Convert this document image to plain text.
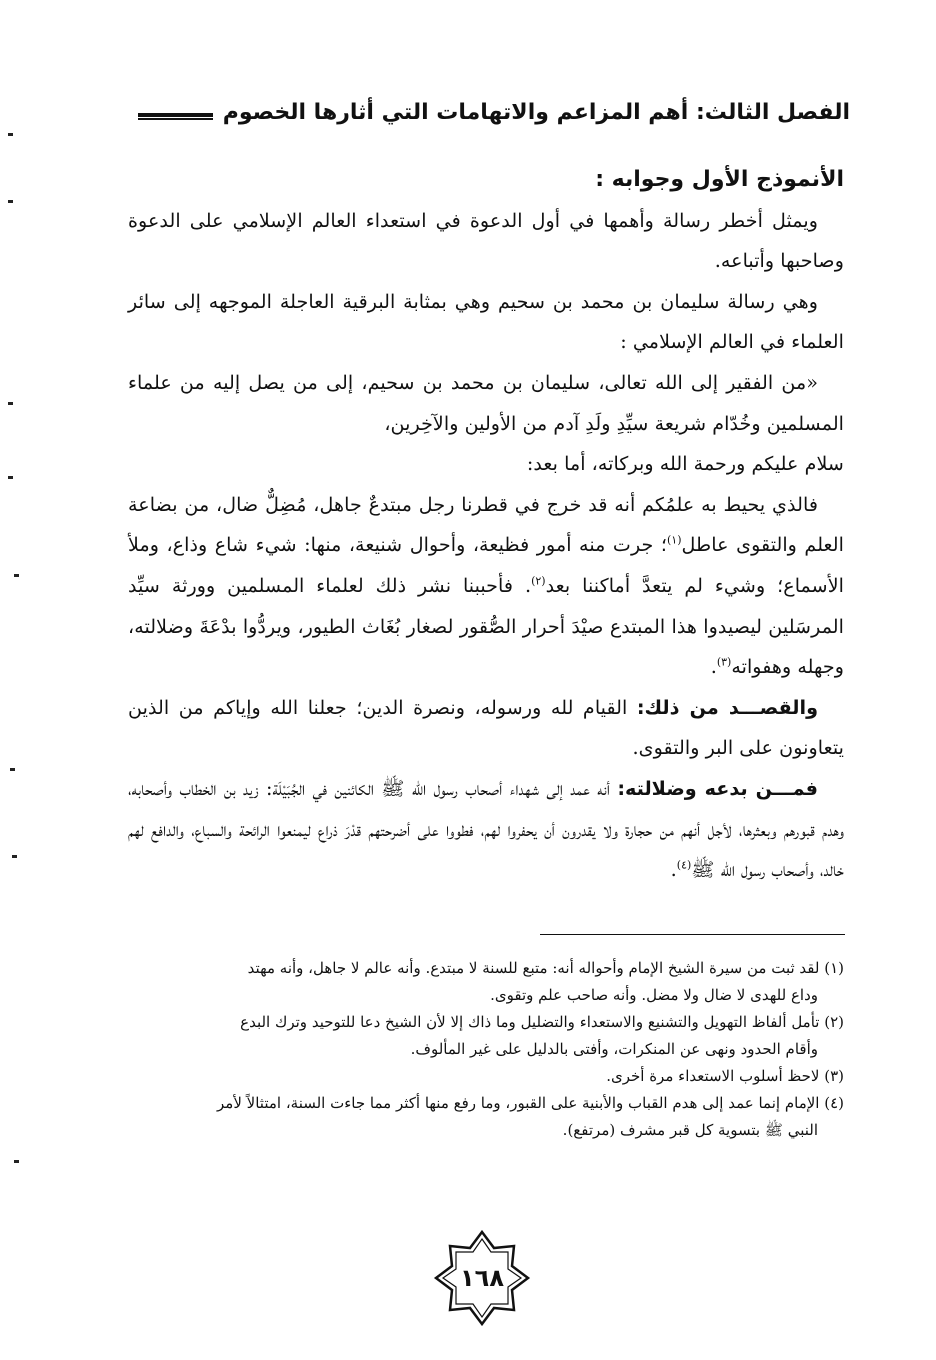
الفصل الثالث: أهم المزاعم والاتهامات التي أثارها الخصوم

الأنموذج الأول وجوابه :

ويمثل أخطر رسالة وأهمها في أول الدعوة في استعداء العالم الإسلامي على الدعوة وصاحبها وأتباعه.

وهي رسالة سليمان بن محمد بن سحيم وهي بمثابة البرقية العاجلة الموجهه إلى سائر العلماء في العالم الإسلامي :

«من الفقير إلى الله تعالى، سليمان بن محمد بن سحيم، إلى من يصل إليه من علماء المسلمين وخُدّام شريعة سيِّدِ ولَدِ آدم من الأولين والآخِرين،

سلام عليكم ورحمة الله وبركاته، أما بعد:

فالذي يحيط به علمُكم أنه قد خرج في قطرنا رجل مبتدعٌ جاهل، مُضِلٌّ ضال، من بضاعة العلم والتقوى عاطل$^{(١)}$؛ جرت منه أمور فظيعة، وأحوال شنيعة، منها: شيء شاع وذاع، وملأ الأسماع؛ وشيء لم يتعدَّ أماكننا بعد$^{(٢)}$. فأحببنا نشر ذلك لعلماء المسلمين وورثة سيِّد المرسَلين ليصيدوا هذا المبتدع صيْدَ أحرار الصُّقور لصغار بُغَاث الطيور، ويردُّوا بدْعَةَ وضلالته، وجهله وهفواته$^{(٣)}$.

والقصـــد من ذلك: القيام لله ورسوله، ونصرة الدين؛ جعلنا الله وإياكم من الذين يتعاونون على البر والتقوى.

فمـــن بدعه وضلالته: أنه عمد إلى شهداء أصحاب رسول الله ﷺ الكائنين في الجُبَيْلَة: زيد بن الخطاب وأصحابه، وهدم قبورهم وبعثرها، لأجل أنهم من حجارة ولا يقدرون أن يحفروا لهم، فطووا على أضرحتهم قدْرَ ذراع ليمنعوا الرائحة والسباع، والدافع لهم خالد، وأصحاب رسول الله ﷺ$^{(٤)}$.

(١) لقد ثبت من سيرة الشيخ الإمام وأحواله أنه: متبع للسنة لا مبتدع. وأنه عالم لا جاهل، وأنه مهتد

وداع للهدى لا ضال ولا مضل. وأنه صاحب علم وتقوى.

(٢) تأمل ألفاظ التهويل والتشنيع والاستعداء والتضليل وما ذاك إلا لأن الشيخ دعا للتوحيد وترك البدع

وأقام الحدود ونهى عن المنكرات، وأفتى بالدليل على غير المألوف.

(٣) لاحظ أسلوب الاستعداء مرة أخرى.

(٤) الإمام إنما عمد إلى هدم القباب والأبنية على القبور، وما رفع منها أكثر مما جاءت السنة، امتثالاً لأمر

النبي ﷺ بتسوية كل قبر مشرف (مرتفع).

١٦٨
